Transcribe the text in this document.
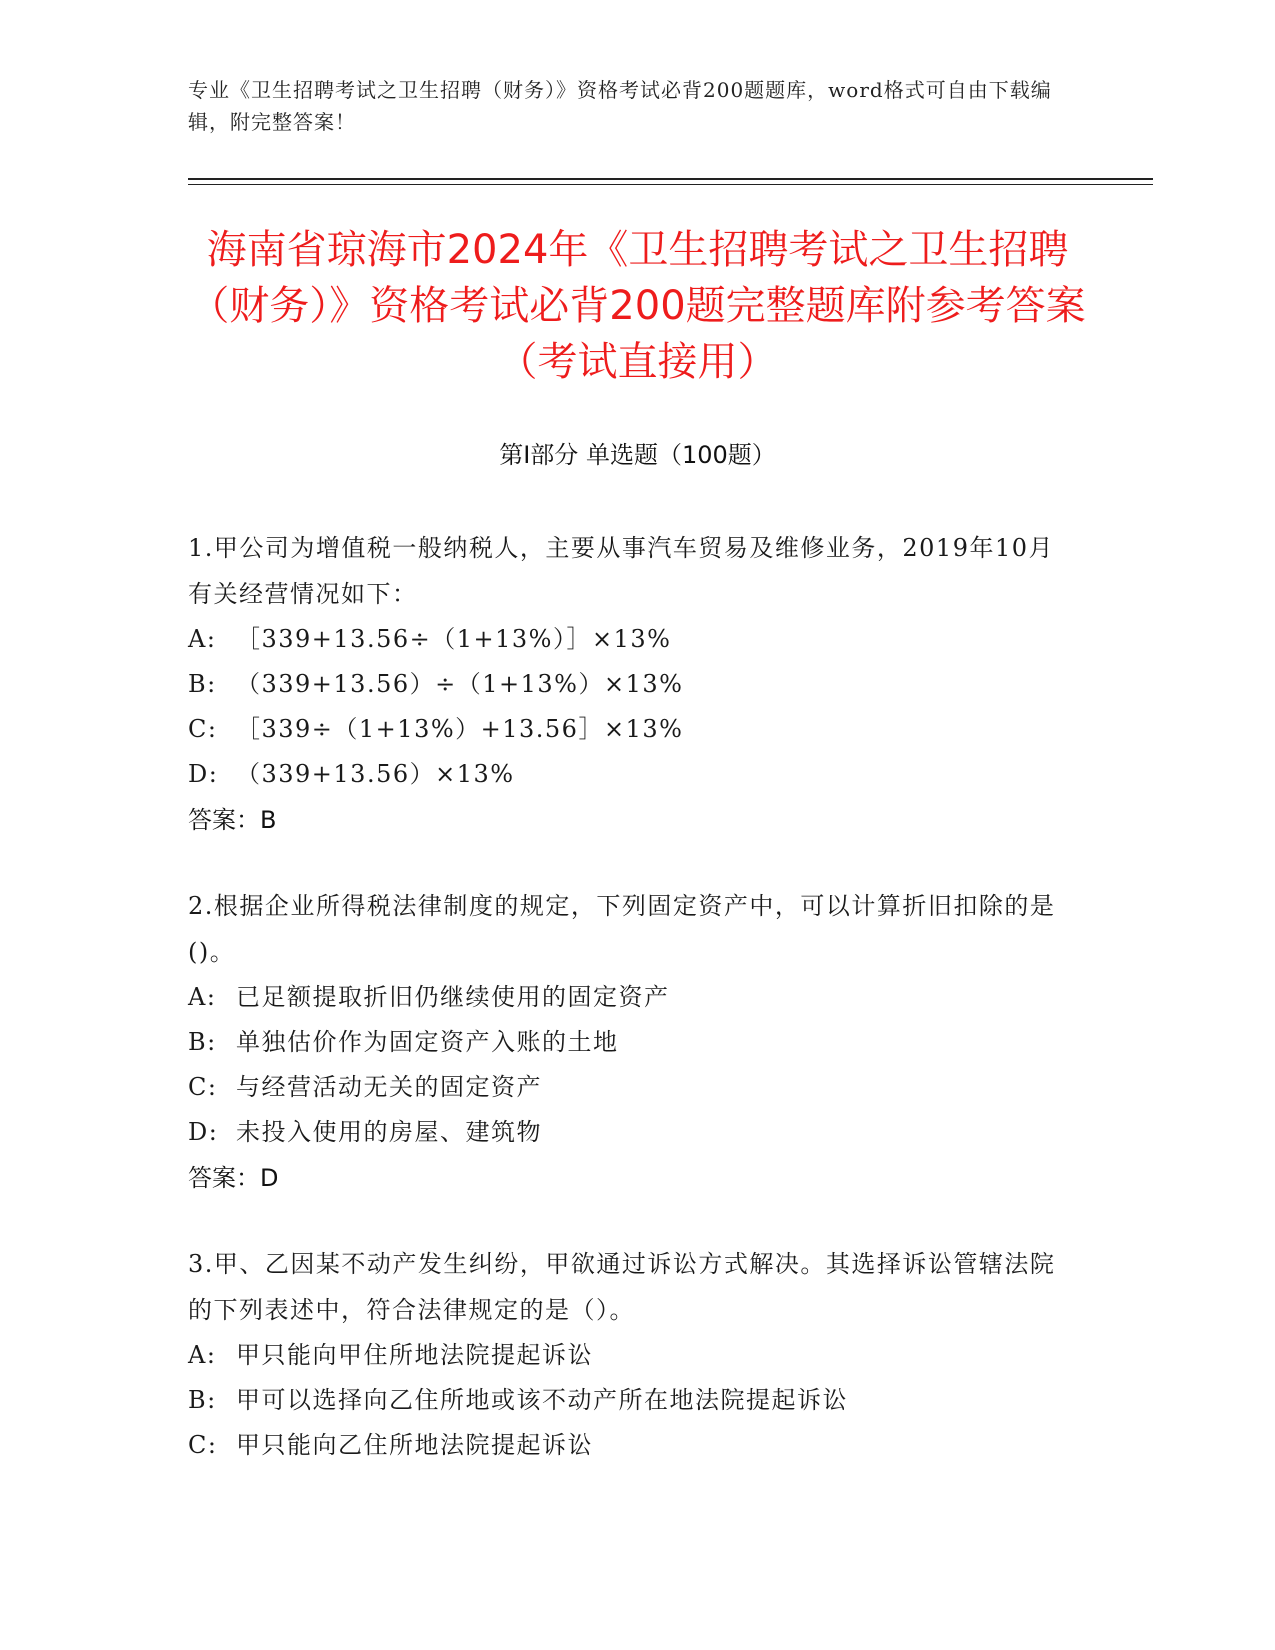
专业《卫生招聘考试之卫生招聘（财务）》资格考试必背200题题库，word格式可自由下载编辑，附完整答案！
海南省琼海市2024年《卫生招聘考试之卫生招聘（财务）》资格考试必背200题完整题库附参考答案（考试直接用）
第Ⅰ部分 单选题（100题）
1.甲公司为增值税一般纳税人，主要从事汽车贸易及维修业务，2019年10月有关经营情况如下：
A: ［339+13.56÷（1+13%）］×13%
B: （339+13.56）÷（1+13%）×13%
C: ［339÷（1+13%）+13.56］×13%
D: （339+13.56）×13%
答案：B
2.根据企业所得税法律制度的规定，下列固定资产中，可以计算折旧扣除的是()。
A: 已足额提取折旧仍继续使用的固定资产
B: 单独估价作为固定资产入账的土地
C: 与经营活动无关的固定资产
D: 未投入使用的房屋、建筑物
答案：D
3.甲、乙因某不动产发生纠纷，甲欲通过诉讼方式解决。其选择诉讼管辖法院的下列表述中，符合法律规定的是（）。
A: 甲只能向甲住所地法院提起诉讼
B: 甲可以选择向乙住所地或该不动产所在地法院提起诉讼
C: 甲只能向乙住所地法院提起诉讼
